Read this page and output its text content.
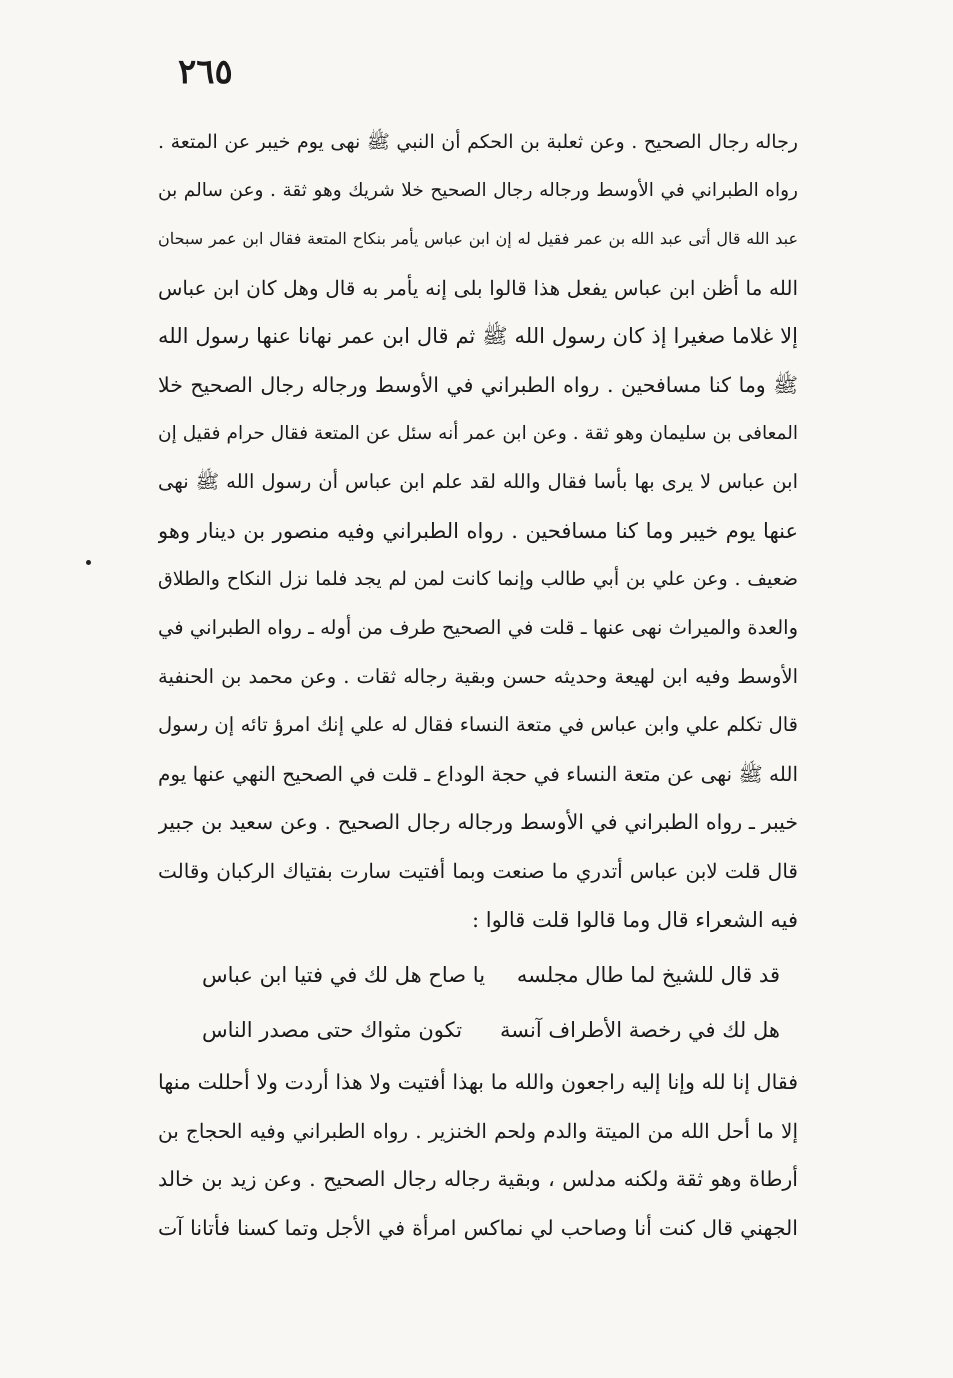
٢٦٥
رجاله رجال الصحيح . وعن ثعلبة بن الحكم أن النبي ﷺ نهى يوم خيبر عن المتعة .
رواه الطبراني في الأوسط ورجاله رجال الصحيح خلا شريك وهو ثقة . وعن سالم بن
عبد الله قال أتى عبد الله بن عمر فقيل له إن ابن عباس يأمر بنكاح المتعة فقال ابن عمر سبحان
الله ما أظن ابن عباس يفعل هذا قالوا بلى إنه يأمر به قال وهل كان ابن عباس
إلا غلاما صغيرا إذ كان رسول الله ﷺ ثم قال ابن عمر نهانا عنها رسول الله
ﷺ وما كنا مسافحين . رواه الطبراني في الأوسط ورجاله رجال الصحيح خلا
المعافى بن سليمان وهو ثقة . وعن ابن عمر أنه سئل عن المتعة فقال حرام فقيل إن
ابن عباس لا يرى بها بأسا فقال والله لقد علم ابن عباس أن رسول الله ﷺ نهى
عنها يوم خيبر وما كنا مسافحين . رواه الطبراني وفيه منصور بن دينار وهو
ضعيف . وعن علي بن أبي طالب وإنما كانت لمن لم يجد فلما نزل النكاح والطلاق
والعدة والميراث نهى عنها ـ قلت في الصحيح طرف من أوله ـ رواه الطبراني في
الأوسط وفيه ابن لهيعة وحديثه حسن وبقية رجاله ثقات . وعن محمد بن الحنفية
قال تكلم علي وابن عباس في متعة النساء فقال له علي إنك امرؤ تائه إن رسول
الله ﷺ نهى عن متعة النساء في حجة الوداع ـ قلت في الصحيح النهي عنها يوم
خيبر ـ رواه الطبراني في الأوسط ورجاله رجال الصحيح . وعن سعيد بن جبير
قال قلت لابن عباس أتدري ما صنعت وبما أفتيت سارت بفتياك الركبان وقالت
فيه الشعراء قال وما قالوا قلت قالوا :
قد قال للشيخ لما طال مجلسه
يا صاح هل لك في فتيا ابن عباس
هل لك في رخصة الأطراف آنسة
تكون مثواك حتى مصدر الناس
فقال إنا لله وإنا إليه راجعون والله ما بهذا أفتيت ولا هذا أردت ولا أحللت منها
إلا ما أحل الله من الميتة والدم ولحم الخنزير . رواه الطبراني وفيه الحجاج بن
أرطاة وهو ثقة ولكنه مدلس ، وبقية رجاله رجال الصحيح . وعن زيد بن خالد
الجهني قال كنت أنا وصاحب لي نماكس امرأة في الأجل وتما كسنا فأتانا آت
